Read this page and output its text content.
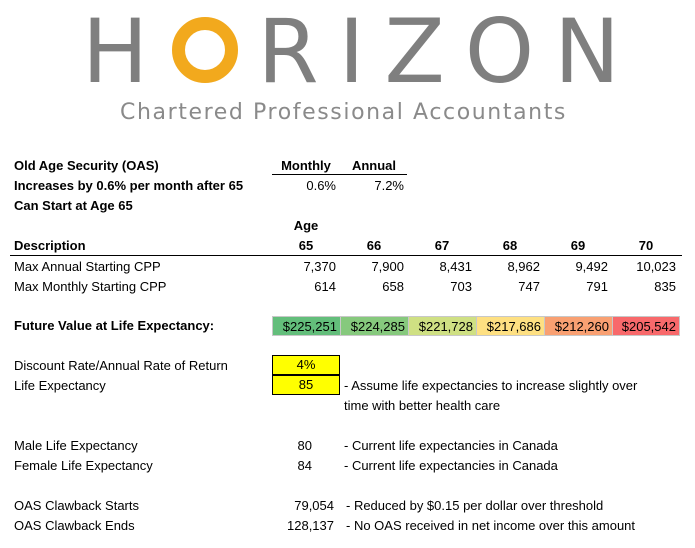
H RIZON
Chartered Professional Accountants
Old Age Security (OAS)	Monthly	Annual
Increases by 0.6% per month after 65	0.6%	7.2%
Can Start at Age 65
Age
Description	65	66	67	68	69	70
Max Annual Starting CPP	7,370	7,900	8,431	8,962	9,492	10,023
Max Monthly Starting CPP	614	658	703	747	791	835
Future Value at Life Expectancy:	$225,251	$224,285	$221,728	$217,686	$212,260 $205,542
Discount Rate/Annual Rate of Return	4%
Life Expectancy	85	- Assume life expectancies to increase slightly over
time with better health care
Male Life Expectancy	80 - Current life expectancies in Canada
Female Life Expectancy	84 - Current life expectancies in Canada
OAS Clawback Starts	79,054 - Reduced by $0.15 per dollar over threshold
OAS Clawback Ends	128,137 - No OAS received in net income over this amount
